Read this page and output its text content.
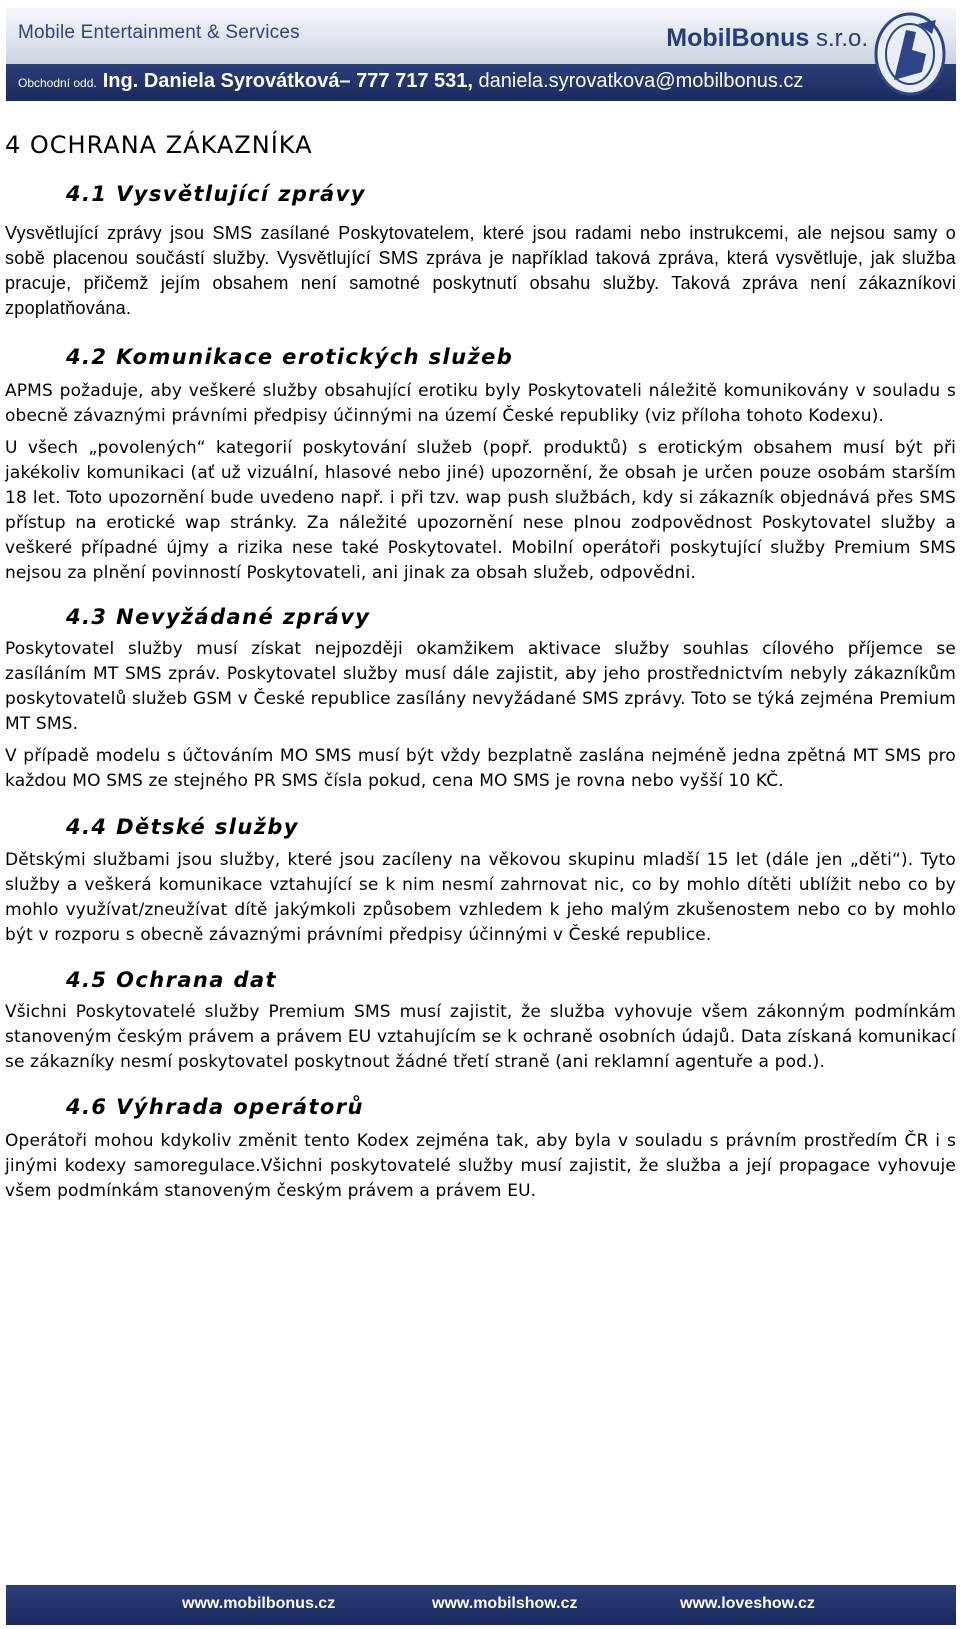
Mobile Entertainment & Services	MobilBonus s.r.o.
Obchodní odd. Ing. Daniela Syrovátková– 777 717 531, daniela.syrovatkova@mobilbonus.cz
4 OCHRANA ZÁKAZNÍKA
4.1 Vysvětlující zprávy

Vysvětlující zprávy jsou SMS zasílané Poskytovatelem, které jsou radami nebo instrukcemi, ale nejsou samy o sobě placenou součástí služby. Vysvětlující SMS zpráva je například taková zpráva, která vysvětluje, jak služba pracuje, přičemž jejím obsahem není samotné poskytnutí obsahu služby. Taková zpráva není zákazníkovi zpoplatňována.

4.2 Komunikace erotických služeb

APMS požaduje, aby veškeré služby obsahující erotiku byly Poskytovateli náležitě komunikovány v souladu s obecně závaznými právními předpisy účinnými na území České republiky (viz příloha tohoto Kodexu).

U všech „povolených“ kategorií poskytování služeb (popř. produktů) s erotickým obsahem musí být při jakékoliv komunikaci (ať už vizuální, hlasové nebo jiné) upozornění, že obsah je určen pouze osobám starším 18 let. Toto upozornění bude uvedeno např. i při tzv. wap push službách, kdy si zákazník objednává přes SMS přístup na erotické wap stránky. Za náležité upozornění nese plnou zodpovědnost Poskytovatel služby a veškeré případné újmy a rizika nese také Poskytovatel. Mobilní operátoři poskytující služby Premium SMS nejsou za plnění povinností Poskytovateli, ani jinak za obsah služeb, odpovědni.

4.3 Nevyžádané zprávy

Poskytovatel služby musí získat nejpozději okamžikem aktivace služby souhlas cílového příjemce se zasíláním MT SMS zpráv. Poskytovatel služby musí dále zajistit, aby jeho prostřednictvím nebyly zákazníkům poskytovatelů služeb GSM v České republice zasílány nevyžádané SMS zprávy. Toto se týká zejména Premium MT SMS.

V případě modelu s účtováním MO SMS musí být vždy bezplatně zaslána nejméně jedna zpětná MT SMS pro každou MO SMS ze stejného PR SMS čísla pokud, cena MO SMS je rovna nebo vyšší 10 KČ.

4.4 Dětské služby

Dětskými službami jsou služby, které jsou zacíleny na věkovou skupinu mladší 15 let (dále jen „děti“). Tyto služby a veškerá komunikace vztahující se k nim nesmí zahrnovat nic, co by mohlo dítěti ublížit nebo co by mohlo využívat/zneužívat dítě jakýmkoli způsobem vzhledem k jeho malým zkušenostem nebo co by mohlo být v rozporu s obecně závaznými právními předpisy účinnými v České republice.

4.5 Ochrana dat

Všichni Poskytovatelé služby Premium SMS musí zajistit, že služba vyhovuje všem zákonným podmínkám stanoveným českým právem a právem EU vztahujícím se k ochraně osobních údajů. Data získaná komunikací se zákazníky nesmí poskytovatel poskytnout žádné třetí straně (ani reklamní agentuře a pod.).

4.6 Výhrada operátorů

Operátoři mohou kdykoliv změnit tento Kodex zejména tak, aby byla v souladu s právním prostředím ČR i s jinými kodexy samoregulace.Všichni poskytovatelé služby musí zajistit, že služba a její propagace vyhovuje všem podmínkám stanoveným českým právem a právem EU.

www.mobilbonus.cz	www.mobilshow.cz	www.loveshow.cz
